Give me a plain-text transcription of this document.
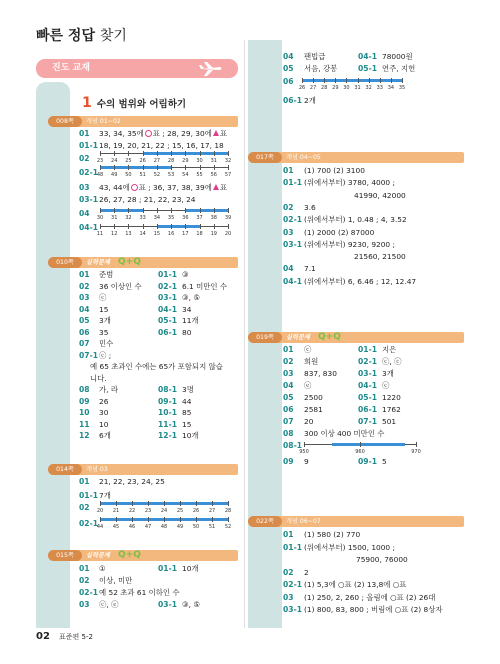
빠른 정답 찾기
진도 교재
1 수의 범위와 어림하기
008쪽	개념 01~02
010쪽	실력문제 Q+Q
014쪽	개념 03
015쪽	실력문제 Q+Q
017쪽	개념 04~05
019쪽	실력문제 Q+Q
022쪽	개념 06~07
01 33, 34, 35에○표 ; 28, 29, 30에 표
01-1 18, 19, 20, 21, 22 ; 15, 16, 17, 18
02
02-1
03 43, 44에○표 ; 36, 37, 38, 39에 표
03-1 26, 27, 28 ; 21, 22, 23, 24
04
04-1
23 24 25 26 27 28 29 30 31 32
48 49 50 51 52 53 54 55 56 57
30 31 32 33 34 35 36 37 38 39
11 12 13 14 15 16 17 18 19 20
01 준범	01-1 ③
02 36 이상인 수 02-1 6.1 미만인 수
03 ⓒ	03-1 ③, ⑤
04 15	04-1 34
05 3개	05-1 11개
06 35	06-1 80
07 민수
07-1 ⓒ ;
예 65 초과인 수에는 65가 포함되지 않습
니다.
08 가, 라	08-1 3명
09 26	09-1 44
10 30	10-1 85
11 10	11-1 15
12 6개	12-1 10개
01 21, 22, 23, 24, 25
01-1 7개
02
02-1
20 21 22 23 24 25 26 27 28
44 45 46 47 48 49 50 51 52
01 ①	01-1 10개
02 이상, 미만
02-1 예 52 초과 61 이하인 수
03 ⓒ, ⓔ	03-1 ③, ⑤
04 팬빕급	04-1 78000원
05 서음, 강봉	05-1 연주, 지헌
06
06-1 2개
26 27 28 29 30 31 32 33 34 35
01 (1) 700 (2) 3100
01-1 (위에서부터) 3780, 4000 ;
41990, 42000
02 3.6
02-1 (위에서부터) 1, 0.48 ; 4, 3.52
03 (1) 2000 (2) 87000
03-1 (위에서부터) 9230, 9200 ;
21560, 21500
04 7.1
04-1 (위에서부터) 6, 6.46 ; 12, 12.47
01 ⓒ	01-1 지은
02 희원	02-1 ⓒ, ⓒ
03 837, 830	03-1 3개
04 ⓔ	04-1 ⓒ
05 2500	05-1 1220
06 2581	06-1 1762
07 20	07-1 501
08 300 이상 400 미만인 수
08-1
09 9	09-1 5
950	960	970
01 (1) 580 (2) 770
01-1 (위에서부터) 1500, 1000 ;
75900, 76000
02 2
02-1 (1) 5,3에 ○표 (2) 13,8에 ○표
03 (1) 250, 2, 260 ; 올림에 ○표 (2) 26대
03-1 (1) 800, 83, 800 ; 버림에 ○표 (2) 8상자
02 표준편 5-2
